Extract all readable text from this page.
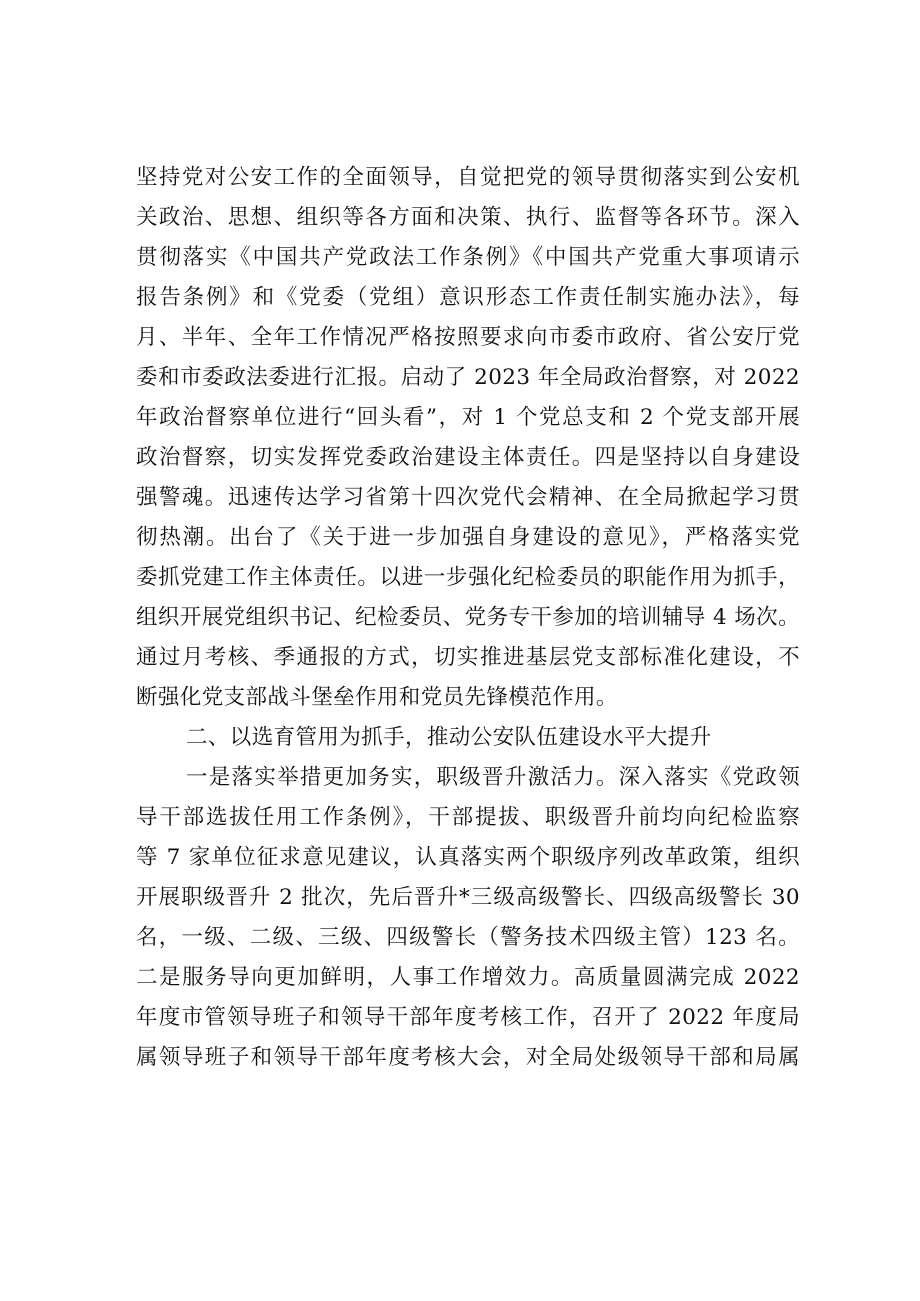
坚持党对公安工作的全面领导，自觉把党的领导贯彻落实到公安机
关政治、思想、组织等各方面和决策、执行、监督等各环节。深入
贯彻落实《中国共产党政法工作条例》《中国共产党重大事项请示
报告条例》和《党委（党组）意识形态工作责任制实施办法》，每
月、半年、全年工作情况严格按照要求向市委市政府、省公安厅党
委和市委政法委进行汇报。启动了 2023 年全局政治督察，对 2022
年政治督察单位进行“回头看”，对 1 个党总支和 2 个党支部开展
政治督察，切实发挥党委政治建设主体责任。四是坚持以自身建设
强警魂。迅速传达学习省第十四次党代会精神、在全局掀起学习贯
彻热潮。出台了《关于进一步加强自身建设的意见》，严格落实党
委抓党建工作主体责任。以进一步强化纪检委员的职能作用为抓手，
组织开展党组织书记、纪检委员、党务专干参加的培训辅导 4 场次。
通过月考核、季通报的方式，切实推进基层党支部标准化建设，不
断强化党支部战斗堡垒作用和党员先锋模范作用。
二、以选育管用为抓手，推动公安队伍建设水平大提升
一是落实举措更加务实，职级晋升激活力。深入落实《党政领
导干部选拔任用工作条例》，干部提拔、职级晋升前均向纪检监察
等 7 家单位征求意见建议，认真落实两个职级序列改革政策，组织
开展职级晋升 2 批次，先后晋升*三级高级警长、四级高级警长 30
名，一级、二级、三级、四级警长（警务技术四级主管）123 名。
二是服务导向更加鲜明，人事工作增效力。高质量圆满完成 2022
年度市管领导班子和领导干部年度考核工作，召开了 2022 年度局
属领导班子和领导干部年度考核大会，对全局处级领导干部和局属
